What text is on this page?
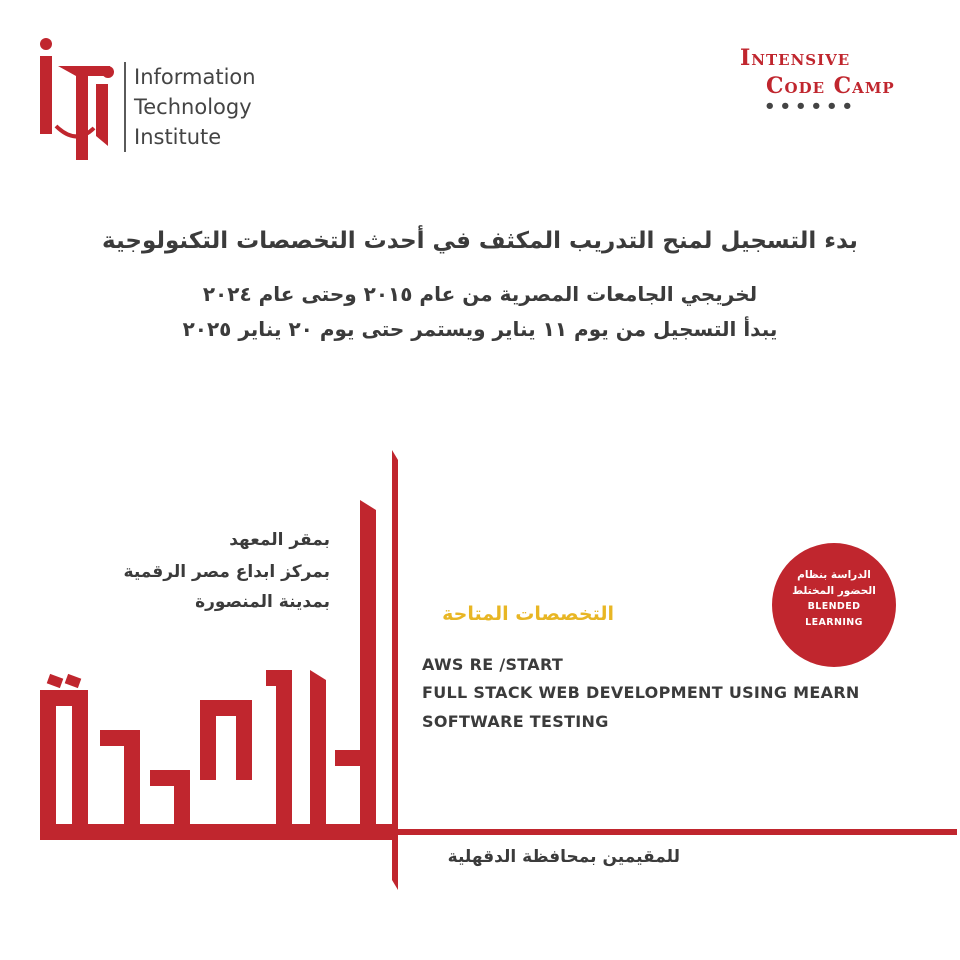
Information
Technology
Institute
Intensive
Code Camp
••••••
بدء التسجيل لمنح التدريب المكثف في أحدث التخصصات التكنولوجية
لخريجي الجامعات المصرية من عام ٢٠١٥ وحتى عام ٢٠٢٤
يبدأ التسجيل من يوم ١١ يناير ويستمر حتى يوم ٢٠ يناير ٢٠٢٥
بمقر المعهد
بمركز ابداع مصر الرقمية
بمدينة المنصورة
التخصصات المتاحة
AWS RE /START
FULL STACK WEB DEVELOPMENT USING MEARN
SOFTWARE TESTING
الدراسة بنظام
الحضور المختلط
BLENDED
LEARNING
للمقيمين بمحافظة الدقهلية
